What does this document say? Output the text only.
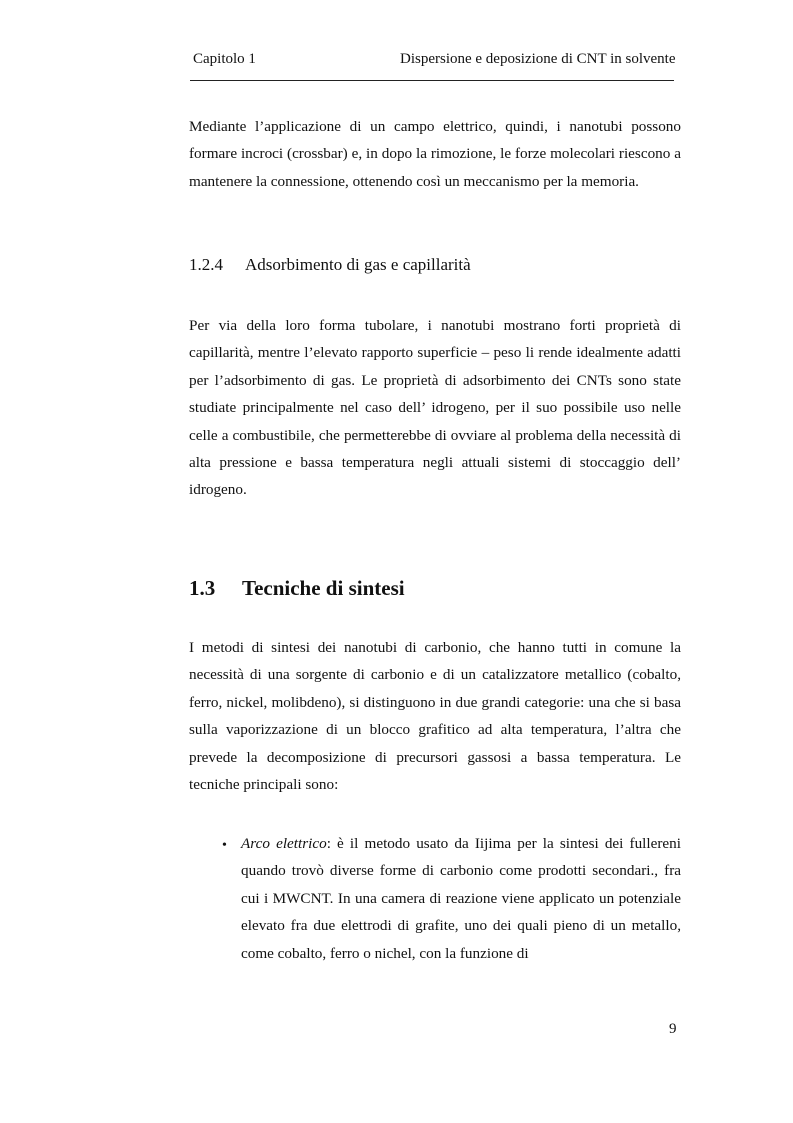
Capitolo 1	Dispersione e deposizione di CNT in solvente

Mediante l’applicazione di un campo elettrico, quindi, i nanotubi possono formare incroci (crossbar) e, in dopo la rimozione, le forze molecolari riescono a mantenere la connessione, ottenendo così un meccanismo per la memoria.

1.2.4 Adsorbimento di gas e capillarità

Per via della loro forma tubolare, i nanotubi mostrano forti proprietà di capillarità, mentre l’elevato rapporto superficie – peso li rende idealmente adatti per l’adsorbimento di gas. Le proprietà di adsorbimento dei CNTs sono state studiate principalmente nel caso dell’ idrogeno, per il suo possibile uso nelle celle a combustibile, che permetterebbe di ovviare al problema della necessità di alta pressione e bassa temperatura negli attuali sistemi di stoccaggio dell’ idrogeno.

1.3 Tecniche di sintesi

I metodi di sintesi dei nanotubi di carbonio, che hanno tutti in comune la necessità di una sorgente di carbonio e di un catalizzatore metallico (cobalto, ferro, nickel, molibdeno), si distinguono in due grandi categorie: una che si basa sulla vaporizzazione di un blocco grafitico ad alta temperatura, l’altra che prevede la decomposizione di precursori gassosi a bassa temperatura. Le tecniche principali sono:

• Arco elettrico: è il metodo usato da Iijima per la sintesi dei fullereni quando trovò diverse forme di carbonio come prodotti secondari., fra cui i MWCNT. In una camera di reazione viene applicato un potenziale elevato fra due elettrodi di grafite, uno dei quali pieno di un metallo, come cobalto, ferro o nichel, con la funzione di

9
